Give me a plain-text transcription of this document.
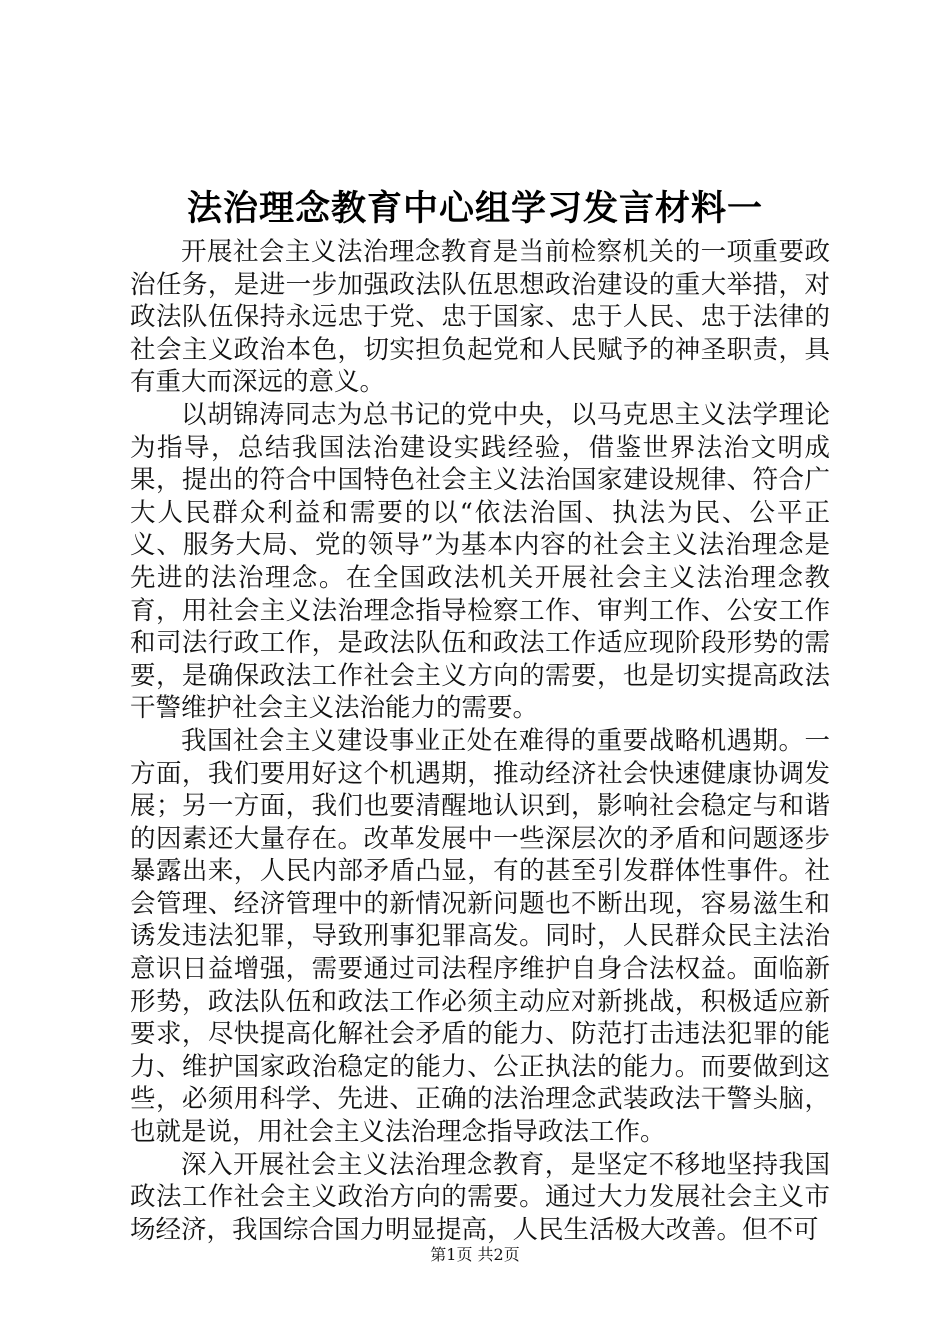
法治理念教育中心组学习发言材料一

开展社会主义法治理念教育是当前检察机关的一项重要政治任务，是进一步加强政法队伍思想政治建设的重大举措，对政法队伍保持永远忠于党、忠于国家、忠于人民、忠于法律的社会主义政治本色，切实担负起党和人民赋予的神圣职责，具有重大而深远的意义。

以胡锦涛同志为总书记的党中央，以马克思主义法学理论为指导，总结我国法治建设实践经验，借鉴世界法治文明成果，提出的符合中国特色社会主义法治国家建设规律、符合广大人民群众利益和需要的以“依法治国、执法为民、公平正义、服务大局、党的领导”为基本内容的社会主义法治理念是先进的法治理念。在全国政法机关开展社会主义法治理念教育，用社会主义法治理念指导检察工作、审判工作、公安工作和司法行政工作，是政法队伍和政法工作适应现阶段形势的需要，是确保政法工作社会主义方向的需要，也是切实提高政法干警维护社会主义法治能力的需要。

我国社会主义建设事业正处在难得的重要战略机遇期。一方面，我们要用好这个机遇期，推动经济社会快速健康协调发展；另一方面，我们也要清醒地认识到，影响社会稳定与和谐的因素还大量存在。改革发展中一些深层次的矛盾和问题逐步暴露出来，人民内部矛盾凸显，有的甚至引发群体性事件。社会管理、经济管理中的新情况新问题也不断出现，容易滋生和诱发违法犯罪，导致刑事犯罪高发。同时，人民群众民主法治意识日益增强，需要通过司法程序维护自身合法权益。面临新形势，政法队伍和政法工作必须主动应对新挑战，积极适应新要求，尽快提高化解社会矛盾的能力、防范打击违法犯罪的能力、维护国家政治稳定的能力、公正执法的能力。而要做到这些，必须用科学、先进、正确的法治理念武装政法干警头脑，也就是说，用社会主义法治理念指导政法工作。

深入开展社会主义法治理念教育，是坚定不移地坚持我国政法工作社会主义政治方向的需要。通过大力发展社会主义市场经济，我国综合国力明显提高，人民生活极大改善。但不可

第1页 共2页
